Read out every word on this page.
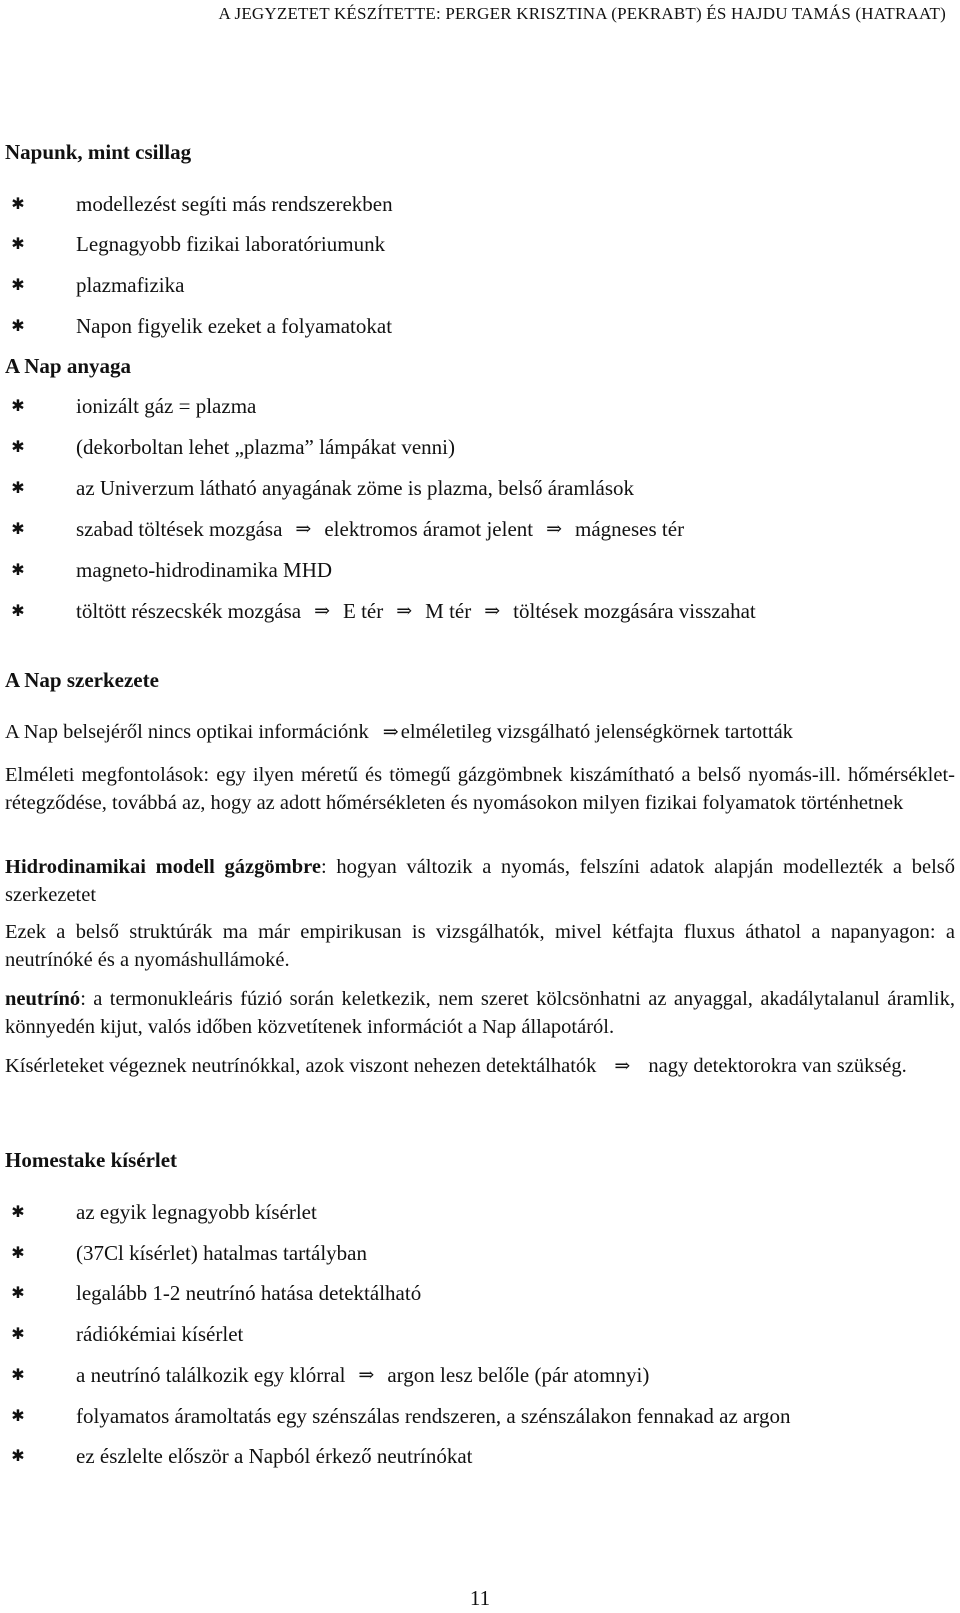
A JEGYZETET KÉSZÍTETTE: PERGER KRISZTINA (PEKRABT) ÉS HAJDU TAMÁS (HATRAAT)
Napunk, mint csillag
✱
modellezést segíti más rendszerekben
✱
Legnagyobb fizikai laboratóriumunk
✱
plazmafizika
✱
Napon figyelik ezeket a folyamatokat
A Nap anyaga
✱
ionizált gáz = plazma
✱
(dekorboltan lehet „plazma” lámpákat venni)
✱
az Univerzum látható anyagának zöme is plazma, belső áramlások
✱
szabad töltések mozgása ⇒ elektromos áramot jelent ⇒ mágneses tér
✱
magneto-hidrodinamika MHD
✱
töltött részecskék mozgása ⇒ E tér ⇒ M tér ⇒ töltések mozgására visszahat
A Nap szerkezete
A Nap belsejéről nincs optikai információnk ⇒ elméletileg vizsgálható jelenségkörnek tartották

Elméleti megfontolások: egy ilyen méretű és tömegű gázgömbnek kiszámítható a belső nyomás-ill. hőmérséklet-rétegződése, továbbá az, hogy az adott hőmérsékleten és nyomásokon milyen fizikai folyamatok történhetnek

Hidrodinamikai modell gázgömbre: hogyan változik a nyomás, felszíni adatok alapján modellezték a belső szerkezetet

Ezek a belső struktúrák ma már empirikusan is vizsgálhatók, mivel kétfajta fluxus áthatol a napanyagon: a neutrínóké és a nyomáshullámoké.

neutrínó: a termonukleáris fúzió során keletkezik, nem szeret kölcsönhatni az anyaggal, akadálytalanul áramlik, könnyedén kijut, valós időben közvetítenek információt a Nap állapotáról.

Kísérleteket végeznek neutrínókkal, azok viszont nehezen detektálhatók ⇒	nagy detektorokra van szükség.

Homestake kísérlet
✱
az egyik legnagyobb kísérlet
✱
(37Cl kísérlet) hatalmas tartályban
✱
legalább 1-2 neutrínó hatása detektálható
✱
rádiókémiai kísérlet
✱
a neutrínó találkozik egy klórral ⇒ argon lesz belőle (pár atomnyi)
✱
folyamatos áramoltatás egy szénszálas rendszeren, a szénszálakon fennakad az argon
✱
ez észlelte először a Napból érkező neutrínókat
11
